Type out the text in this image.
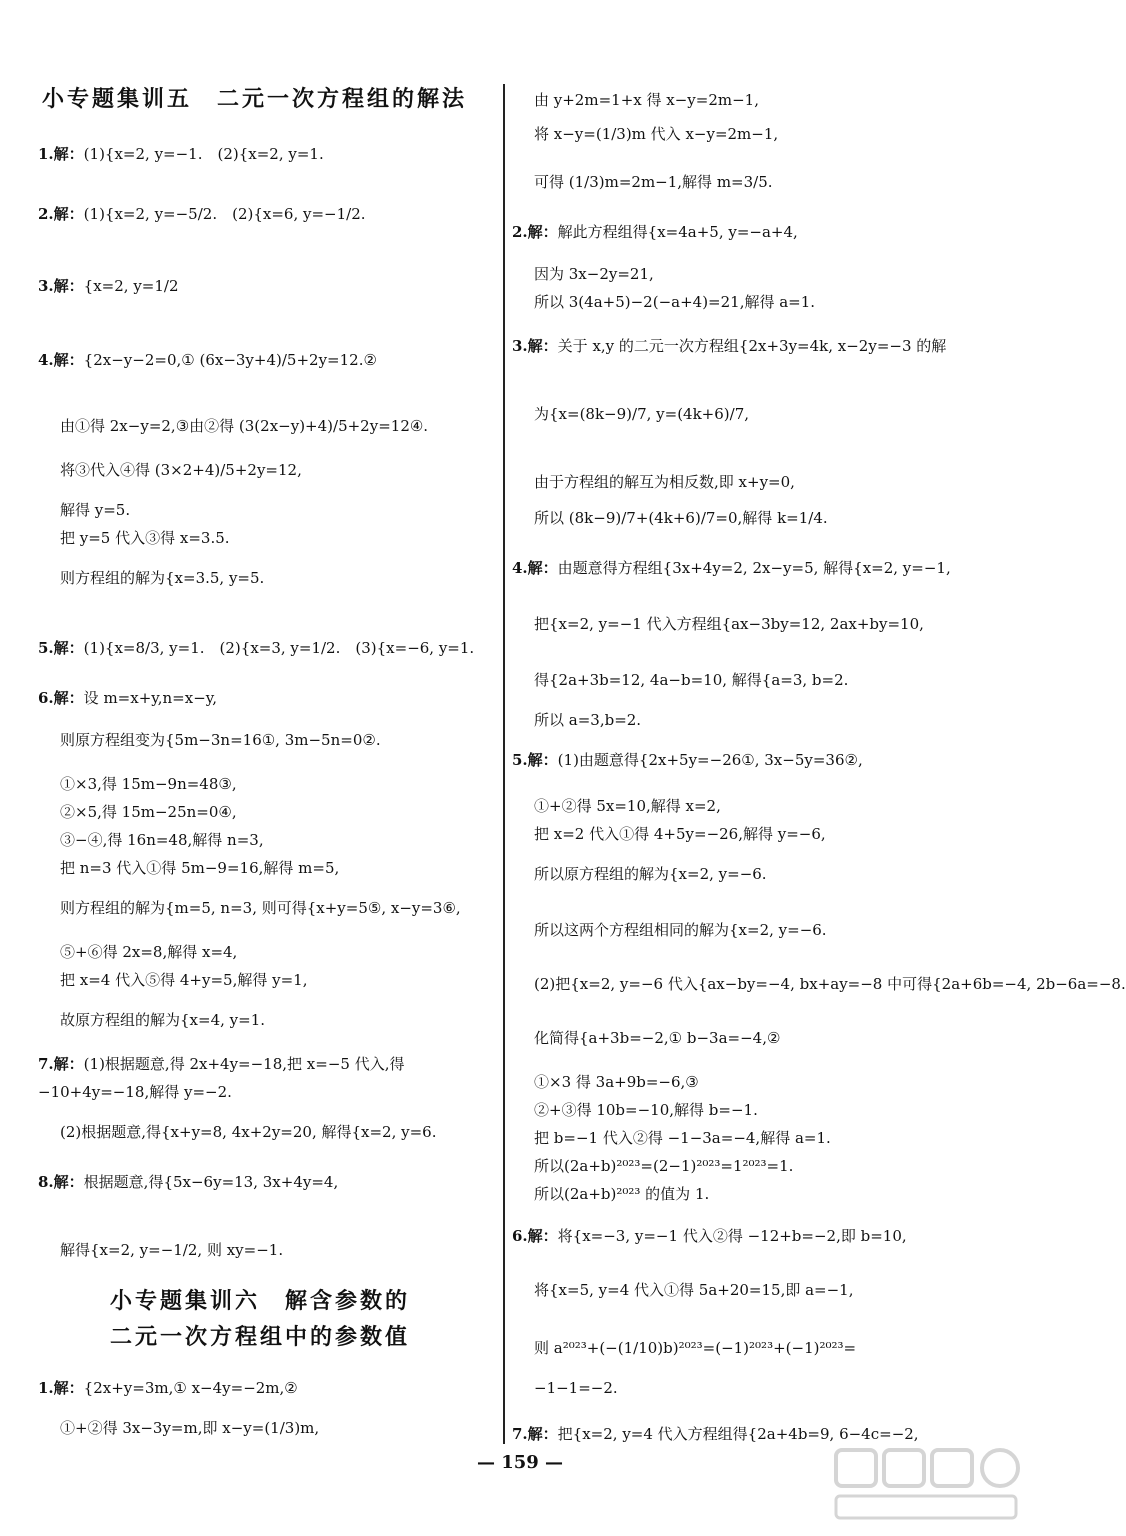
小专题集训五　二元一次方程组的解法
1.解：(1){x=2, y=−1.　(2){x=2, y=1.
2.解：(1){x=2, y=−5/2.　(2){x=6, y=−1/2.
3.解：{x=2, y=1/2
4.解：{2x−y−2=0,① (6x−3y+4)/5+2y=12.②
由①得 2x−y=2,③由②得 (3(2x−y)+4)/5+2y=12④.
将③代入④得 (3×2+4)/5+2y=12,
解得 y=5.
把 y=5 代入③得 x=3.5.
则方程组的解为{x=3.5, y=5.
5.解：(1){x=8/3, y=1.　(2){x=3, y=1/2.　(3){x=−6, y=1.
6.解：设 m=x+y,n=x−y,
则原方程组变为{5m−3n=16①, 3m−5n=0②.
①×3,得 15m−9n=48③,
②×5,得 15m−25n=0④,
③−④,得 16n=48,解得 n=3,
把 n=3 代入①得 5m−9=16,解得 m=5,
则方程组的解为{m=5, n=3, 则可得{x+y=5⑤, x−y=3⑥,
⑤+⑥得 2x=8,解得 x=4,
把 x=4 代入⑤得 4+y=5,解得 y=1,
故原方程组的解为{x=4, y=1.
7.解：(1)根据题意,得 2x+4y=−18,把 x=−5 代入,得
−10+4y=−18,解得 y=−2.
(2)根据题意,得{x+y=8, 4x+2y=20, 解得{x=2, y=6.
8.解：根据题意,得{5x−6y=13, 3x+4y=4,
解得{x=2, y=−1/2, 则 xy=−1.
小专题集训六　解含参数的
二元一次方程组中的参数值
1.解：{2x+y=3m,① x−4y=−2m,②
①+②得 3x−3y=m,即 x−y=(1/3)m,
由 y+2m=1+x 得 x−y=2m−1,
将 x−y=(1/3)m 代入 x−y=2m−1,
可得 (1/3)m=2m−1,解得 m=3/5.
2.解：解此方程组得{x=4a+5, y=−a+4,
因为 3x−2y=21,
所以 3(4a+5)−2(−a+4)=21,解得 a=1.
3.解：关于 x,y 的二元一次方程组{2x+3y=4k, x−2y=−3 的解
为{x=(8k−9)/7, y=(4k+6)/7,
由于方程组的解互为相反数,即 x+y=0,
所以 (8k−9)/7+(4k+6)/7=0,解得 k=1/4.
4.解：由题意得方程组{3x+4y=2, 2x−y=5, 解得{x=2, y=−1,
把{x=2, y=−1 代入方程组{ax−3by=12, 2ax+by=10,
得{2a+3b=12, 4a−b=10, 解得{a=3, b=2.
所以 a=3,b=2.
5.解：(1)由题意得{2x+5y=−26①, 3x−5y=36②,
①+②得 5x=10,解得 x=2,
把 x=2 代入①得 4+5y=−26,解得 y=−6,
所以原方程组的解为{x=2, y=−6.
所以这两个方程组相同的解为{x=2, y=−6.
(2)把{x=2, y=−6 代入{ax−by=−4, bx+ay=−8 中可得{2a+6b=−4, 2b−6a=−8.
化简得{a+3b=−2,① b−3a=−4,②
①×3 得 3a+9b=−6,③
②+③得 10b=−10,解得 b=−1.
把 b=−1 代入②得 −1−3a=−4,解得 a=1.
所以(2a+b)²⁰²³=(2−1)²⁰²³=1²⁰²³=1.
所以(2a+b)²⁰²³ 的值为 1.
6.解：将{x=−3, y=−1 代入②得 −12+b=−2,即 b=10,
将{x=5, y=4 代入①得 5a+20=15,即 a=−1,
则 a²⁰²³+(−(1/10)b)²⁰²³=(−1)²⁰²³+(−1)²⁰²³=
−1−1=−2.
7.解：把{x=2, y=4 代入方程组得{2a+4b=9, 6−4c=−2,
— 159 —
